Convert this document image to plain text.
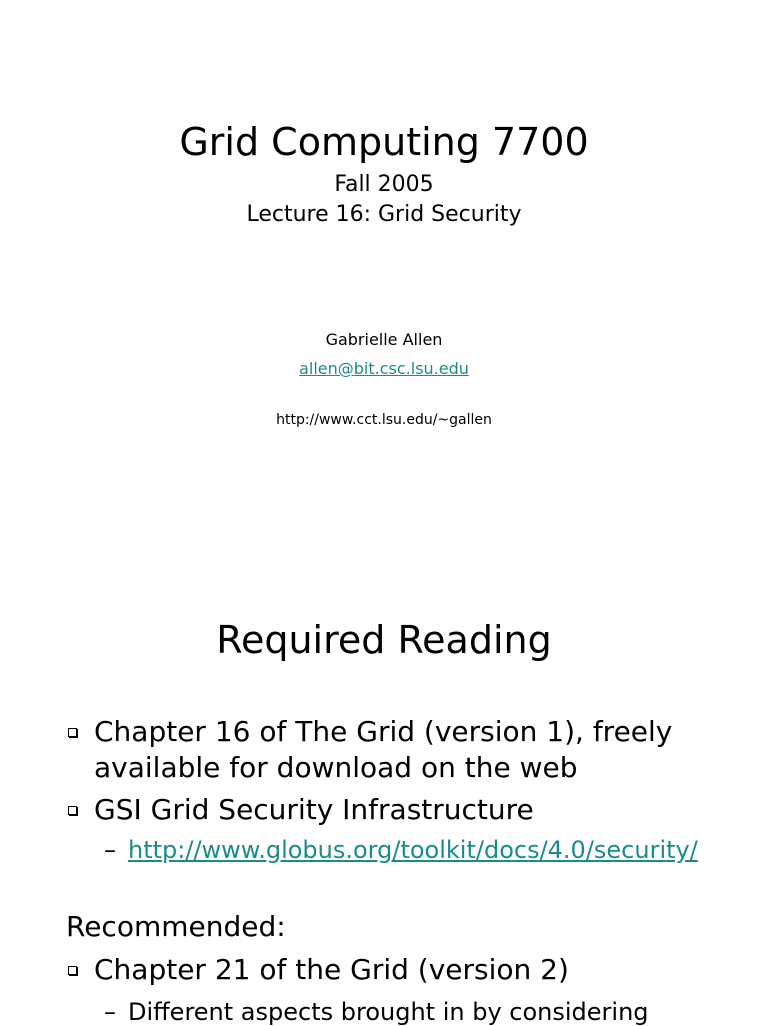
Grid Computing 7700
Fall 2005
Lecture 16: Grid Security
Gabrielle Allen
allen@bit.csc.lsu.edu
http://www.cct.lsu.edu/~gallen
Required Reading
Chapter 16 of The Grid (version 1), freely
available for download on the web
GSI Grid Security Infrastructure
– http://www.globus.org/toolkit/docs/4.0/security/
Recommended:
Chapter 21 of the Grid (version 2)
– Different aspects brought in by considering
